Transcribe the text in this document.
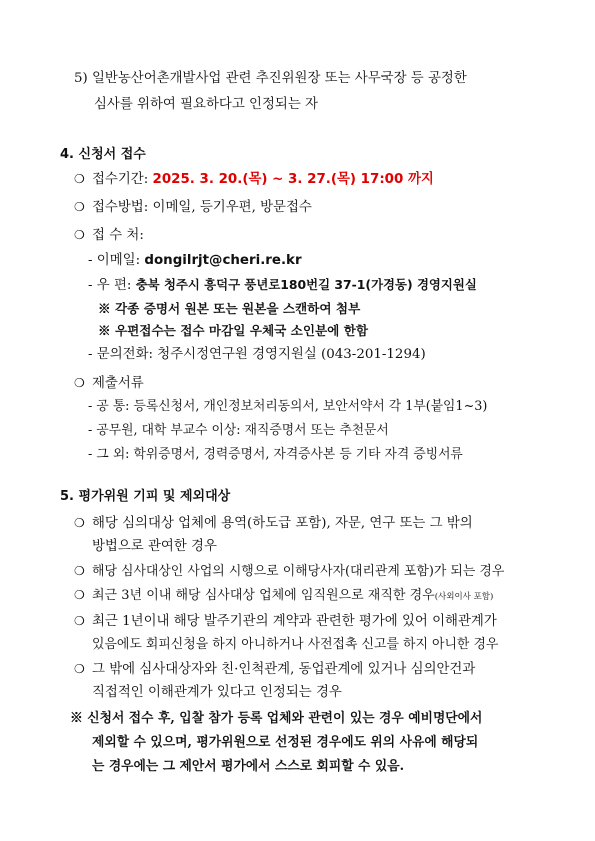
5) 일반농산어촌개발사업 관련 추진위원장 또는 사무국장 등 공정한
심사를 위하여 필요하다고 인정되는 자
4. 신청서 접수
❍ 접수기간: 2025. 3. 20.(목) ~ 3. 27.(목) 17:00 까지
❍ 접수방법: 이메일, 등기우편, 방문접수
❍ 접 수 처:
- 이메일: dongilrjt@cheri.re.kr
- 우 편: 충북 청주시 흥덕구 풍년로180번길 37-1(가경동) 경영지원실
※ 각종 증명서 원본 또는 원본을 스캔하여 첨부
※ 우편접수는 접수 마감일 우체국 소인분에 한함
- 문의전화: 청주시정연구원 경영지원실 (043-201-1294)
❍ 제출서류
- 공 통: 등록신청서, 개인정보처리동의서, 보안서약서 각 1부(붙임1~3)
- 공무원, 대학 부교수 이상: 재직증명서 또는 추천문서
- 그 외: 학위증명서, 경력증명서, 자격증사본 등 기타 자격 증빙서류
5. 평가위원 기피 및 제외대상
❍ 해당 심의대상 업체에 용역(하도급 포함), 자문, 연구 또는 그 밖의
방법으로 관여한 경우
❍ 해당 심사대상인 사업의 시행으로 이해당사자(대리관계 포함)가 되는 경우
❍ 최근 3년 이내 해당 심사대상 업체에 임직원으로 재직한 경우(사외이사 포함)
❍ 최근 1년이내 해당 발주기관의 계약과 관련한 평가에 있어 이해관계가
있음에도 회피신청을 하지 아니하거나 사전접촉 신고를 하지 아니한 경우
❍ 그 밖에 심사대상자와 친·인척관계, 동업관계에 있거나 심의안건과
직접적인 이해관계가 있다고 인정되는 경우
※ 신청서 접수 후, 입찰 참가 등록 업체와 관련이 있는 경우 예비명단에서
제외할 수 있으며, 평가위원으로 선정된 경우에도 위의 사유에 해당되
는 경우에는 그 제안서 평가에서 스스로 회피할 수 있음.
